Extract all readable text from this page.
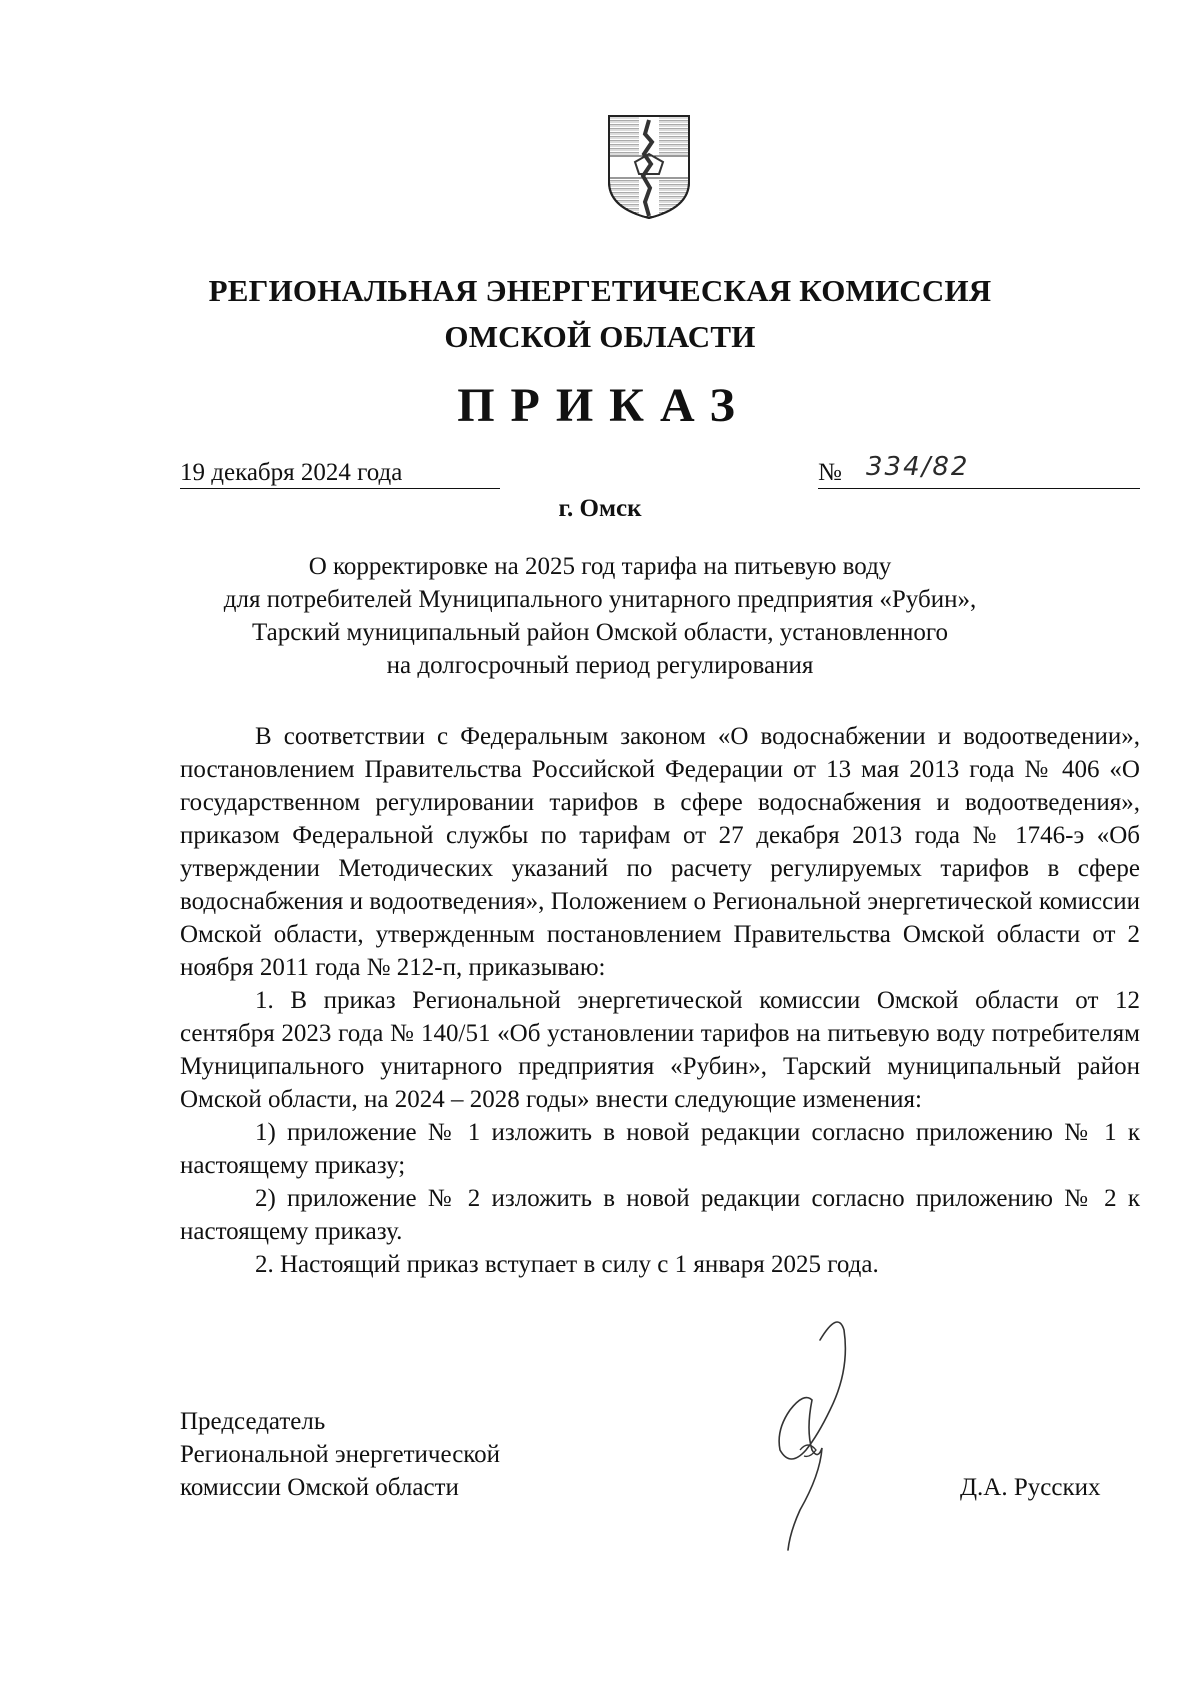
РЕГИОНАЛЬНАЯ ЭНЕРГЕТИЧЕСКАЯ КОМИССИЯ
ОМСКОЙ ОБЛАСТИ
ПРИКАЗ
19 декабря 2024 года	№ 334/82
г. Омск
О корректировке на 2025 год тарифа на питьевую воду
для потребителей Муниципального унитарного предприятия «Рубин»,
Тарский муниципальный район Омской области, установленного
на долгосрочный период регулирования

В соответствии с Федеральным законом «О водоснабжении и водоотведении», постановлением Правительства Российской Федерации от 13 мая 2013 года № 406 «О государственном регулировании тарифов в сфере водоснабжения и водоотведения», приказом Федеральной службы по тарифам от 27 декабря 2013 года № 1746-э «Об утверждении Методических указаний по расчету регулируемых тарифов в сфере водоснабжения и водоотведения», Положением о Региональной энергетической комиссии Омской области, утвержденным постановлением Правительства Омской области от 2 ноября 2011 года № 212-п, приказываю:

1. В приказ Региональной энергетической комиссии Омской области от 12 сентября 2023 года № 140/51 «Об установлении тарифов на питьевую воду потребителям Муниципального унитарного предприятия «Рубин», Тарский муниципальный район Омской области, на 2024 – 2028 годы» внести следующие изменения:

1) приложение № 1 изложить в новой редакции согласно приложению № 1 к настоящему приказу;

2) приложение № 2 изложить в новой редакции согласно приложению № 2 к настоящему приказу.

2. Настоящий приказ вступает в силу с 1 января 2025 года.

Председатель
Региональной энергетической
комиссии Омской области	Д.А. Русских
